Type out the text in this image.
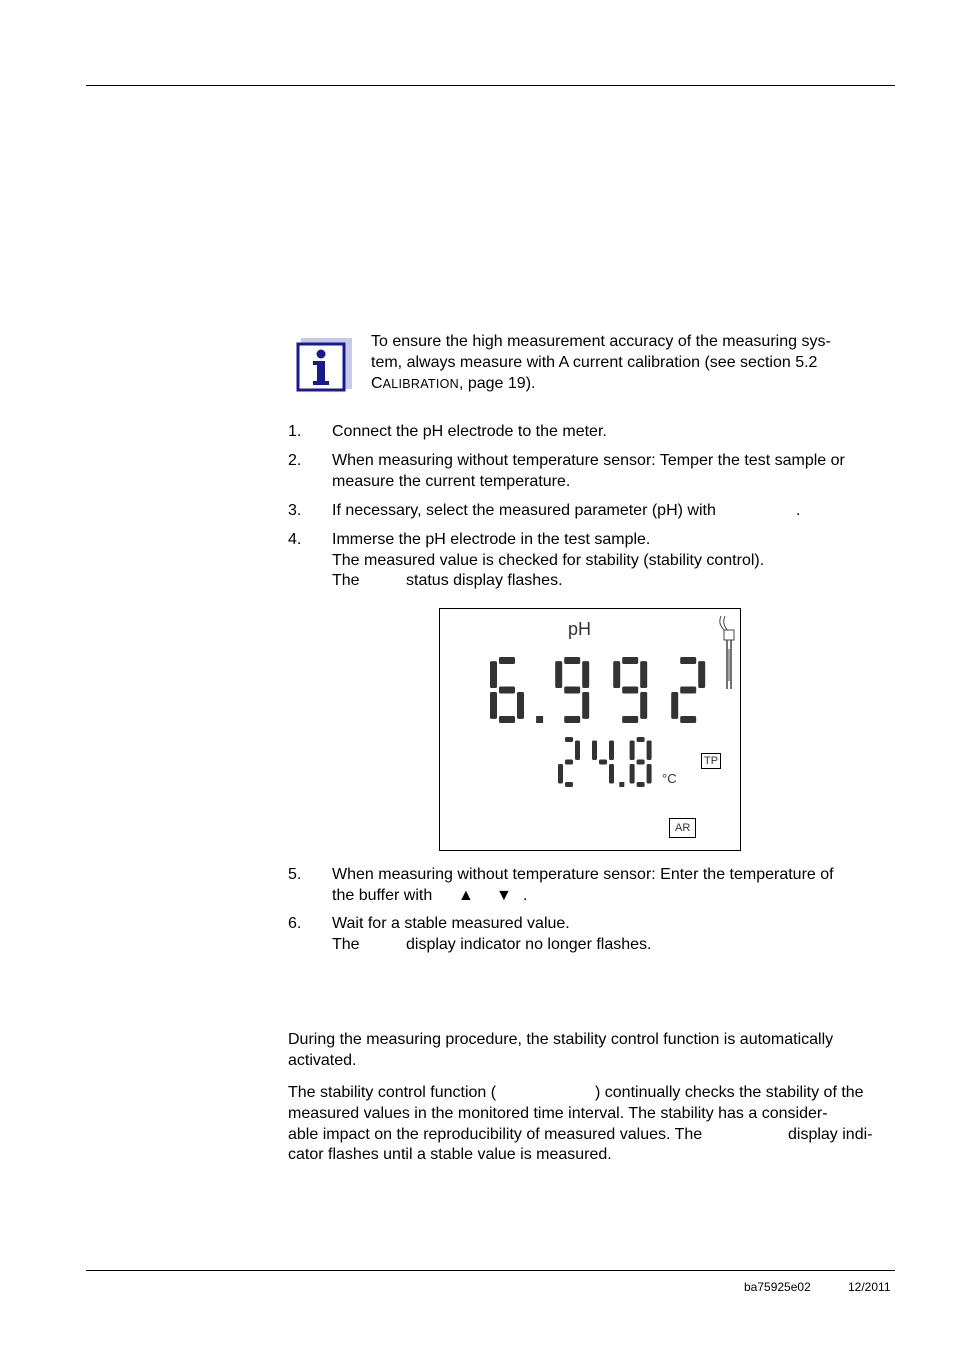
To ensure the high measurement accuracy of the measuring sys-
tem, always measure with A current calibration (see section 5.2
CALIBRATION, page 19).
1. Connect the pH electrode to the meter.
2. When measuring without temperature sensor: Temper the test sample or
measure the current temperature.
3. If necessary, select the measured parameter (pH) with	.
4. Immerse the pH electrode in the test sample.
The measured value is checked for stability (stability control).
The	status display flashes.
pH
°C
TP
AR
5. When measuring without temperature sensor: Enter the temperature of
the buffer with ▲ ▼ .
6. Wait for a stable measured value.
The	display indicator no longer flashes.
During the measuring procedure, the stability control function is automatically
activated.
The stability control function (	) continually checks the stability of the
measured values in the monitored time interval. The stability has a consider-
able impact on the reproducibility of measured values. The	display indi-
cator flashes until a stable value is measured.
ba75925e02	12/2011
